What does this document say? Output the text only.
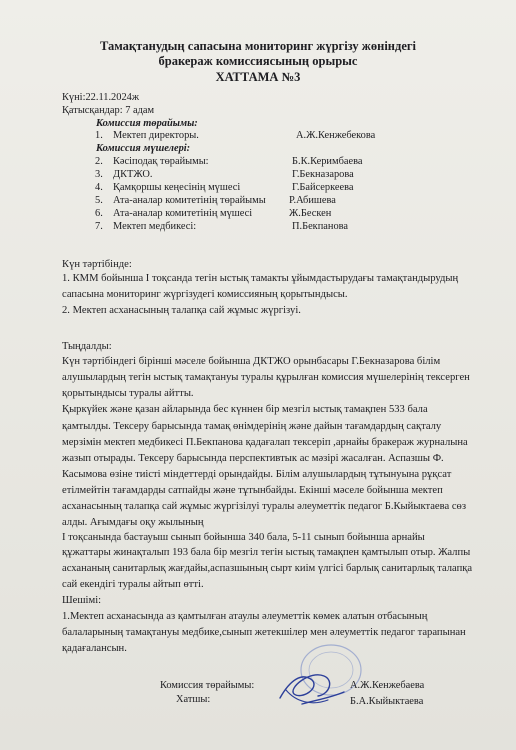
Тамақтанудың сапасына мониторинг жүргізу жөніндегі
бракераж комиссиясының орырыс
ХАТТАМА №3
Күні:22.11.2024ж
Қатысқандар: 7 адам
Комиссия төрайымы:
1. Мектеп директоры.	А.Ж.Кенжебекова
Комиссия мүшелері:
2. Кәсіподақ төрайымы:	Б.К.Керимбаева
3. ДКТЖО.	Г.Бекназарова
4. Қамқоршы кеңесінің мүшесі	Г.Байсеркеева
5. Ата-аналар комитетінің төрайымы Р.Абишева
6. Ата-аналар комитетінің мүшесі	Ж.Бескен
7. Мектеп медбикесі:	П.Бекпанова
Күн тәртібінде:
1. КММ бойынша І тоқсанда тегін ыстық тамакты ұйымдастырудағы тамақтандырудың
сапасына мониторинг жүргізудегі комиссияның қорытындысы.
2. Мектеп асханасының талапқа сай жұмыс жүргізуі.
Тыңдалды:
Күн тәртібіндегі бірінші мәселе бойынша ДКТЖО орынбасары Г.Бекназарова білім
алушылардың тегін ыстық тамақтануы туралы құрылған комиссия мүшелерінің тексерген
қорытындысы туралы айтты.
Қыркүйек және қазан айларында бес күннен бір мезгіл ыстық тамақпен 533 бала
қамтылды. Тексеру барысында тамақ өнімдерінің және дайын тағамдардың сақталу
мерзімін мектеп медбикесі П.Бекпанова қадағалап тексеріп ,арнайы бракераж журналына
жазып отырады. Тексеру барысында перспективтык ас мәзірі жасалған. Аспазшы Ф.
Касымова өзіне тиісті міндеттерді орындайды. Білім алушылардың тұтынуына рұқсат
етілмейтін тағамдарды сатпайды және тұтынбайды. Екінші мәселе бойынша мектеп
асханасының талапқа сай жұмыс жүргізілуі туралы әлеуметтік педагог Б.Кыйыктаева сөз
алды. Ағымдағы оқу жылының
І тоқсанында бастауыш сынып бойынша 340 бала, 5-11 сынып бойынша арнайы
құжаттары жинақталып 193 бала бір мезгіл тегін ыстық тамақпен қамтылып отыр. Жалпы
асхананың санитарлық жағдайы,аспазшының сырт киім үлгісі барлық санитарлық талапқа
сай екендігі туралы айтып өтті.
Шешімі:
1.Мектеп асханасында аз қамтылған атаулы әлеуметтік көмек алатын отбасының
балаларының тамақтануы медбике,сынып жетекшілер мен әлеуметтік педагог тарапынан
қадағалансын.
Комиссия төрайымы:	А.Ж.Кенжебаева
Хатшы:	Б.А.Кыйыктаева
